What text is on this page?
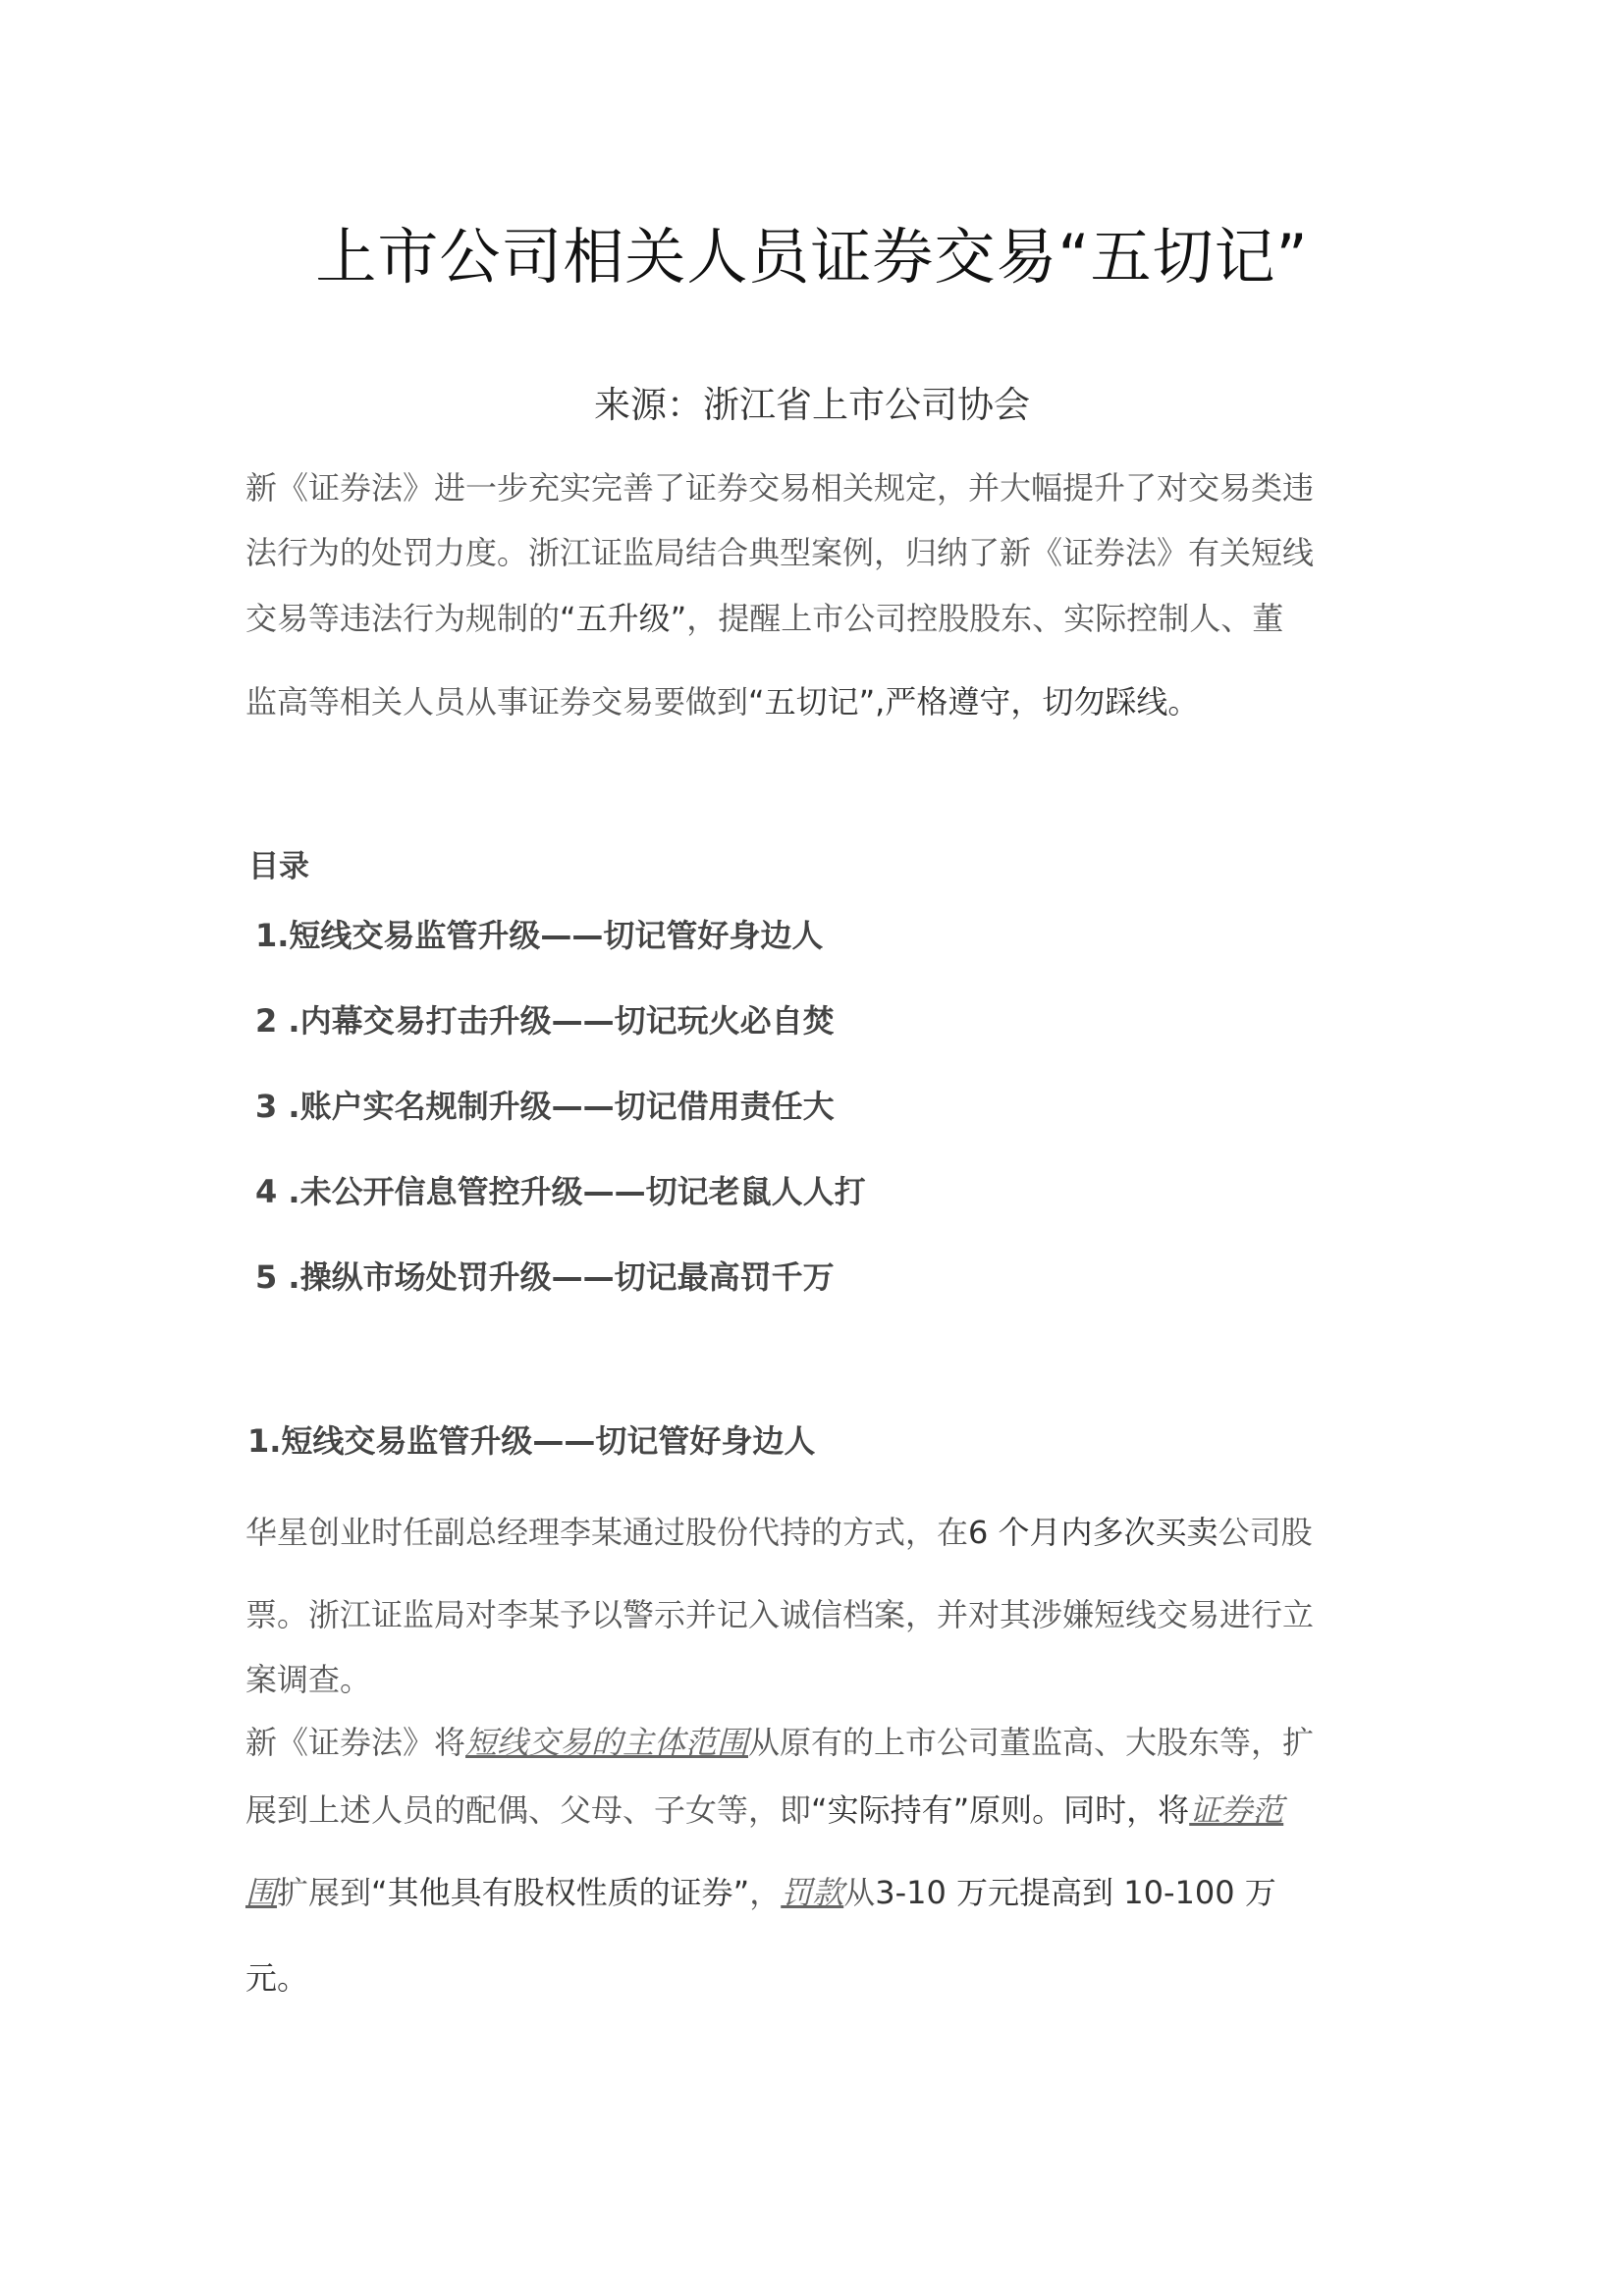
上市公司相关人员证券交易“五切记”
来源：浙江省上市公司协会
新《证券法》进一步充实完善了证券交易相关规定，并大幅提升了对交易类违
法行为的处罚力度。浙江证监局结合典型案例，归纳了新《证券法》有关短线
交易等违法行为规制的“五升级”，提醒上市公司控股股东、实际控制人、董
监高等相关人员从事证券交易要做到“五切记”,严格遵守，切勿踩线。
目录
1.短线交易监管升级——切记管好身边人
2 .内幕交易打击升级——切记玩火必自焚
3 .账户实名规制升级——切记借用责任大
4 .未公开信息管控升级——切记老鼠人人打
5 .操纵市场处罚升级——切记最高罚千万
1.短线交易监管升级——切记管好身边人
华星创业时任副总经理李某通过股份代持的方式，在6 个月内多次买卖公司股
票。浙江证监局对李某予以警示并记入诚信档案，并对其涉嫌短线交易进行立
案调查。
新《证券法》将短线交易的主体范围从原有的上市公司董监高、大股东等，扩
展到上述人员的配偶、父母、子女等，即“实际持有”原则。同时，将证券范
围扩展到“其他具有股权性质的证券”，罚款从3-10 万元提高到 10-100 万
元。
